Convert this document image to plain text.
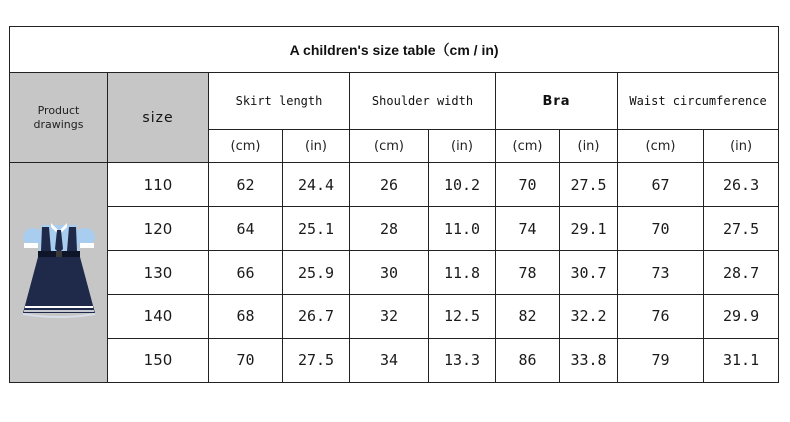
A children's size table（cm / in)									
Product
drawings	size	Skirt length		Shoulder width		Bra		Waist circumference	
		(cm)	(in)	(cm)	(in)	(cm)	(in)	(cm)	(in)

	110	62	24.4	26	10.2	70	27.5	67	26.3
	120	64	25.1	28	11.0	74	29.1	70	27.5
	130	66	25.9	30	11.8	78	30.7	73	28.7
	140	68	26.7	32	12.5	82	32.2	76	29.9
	150	70	27.5	34	13.3	86	33.8	79	31.1
